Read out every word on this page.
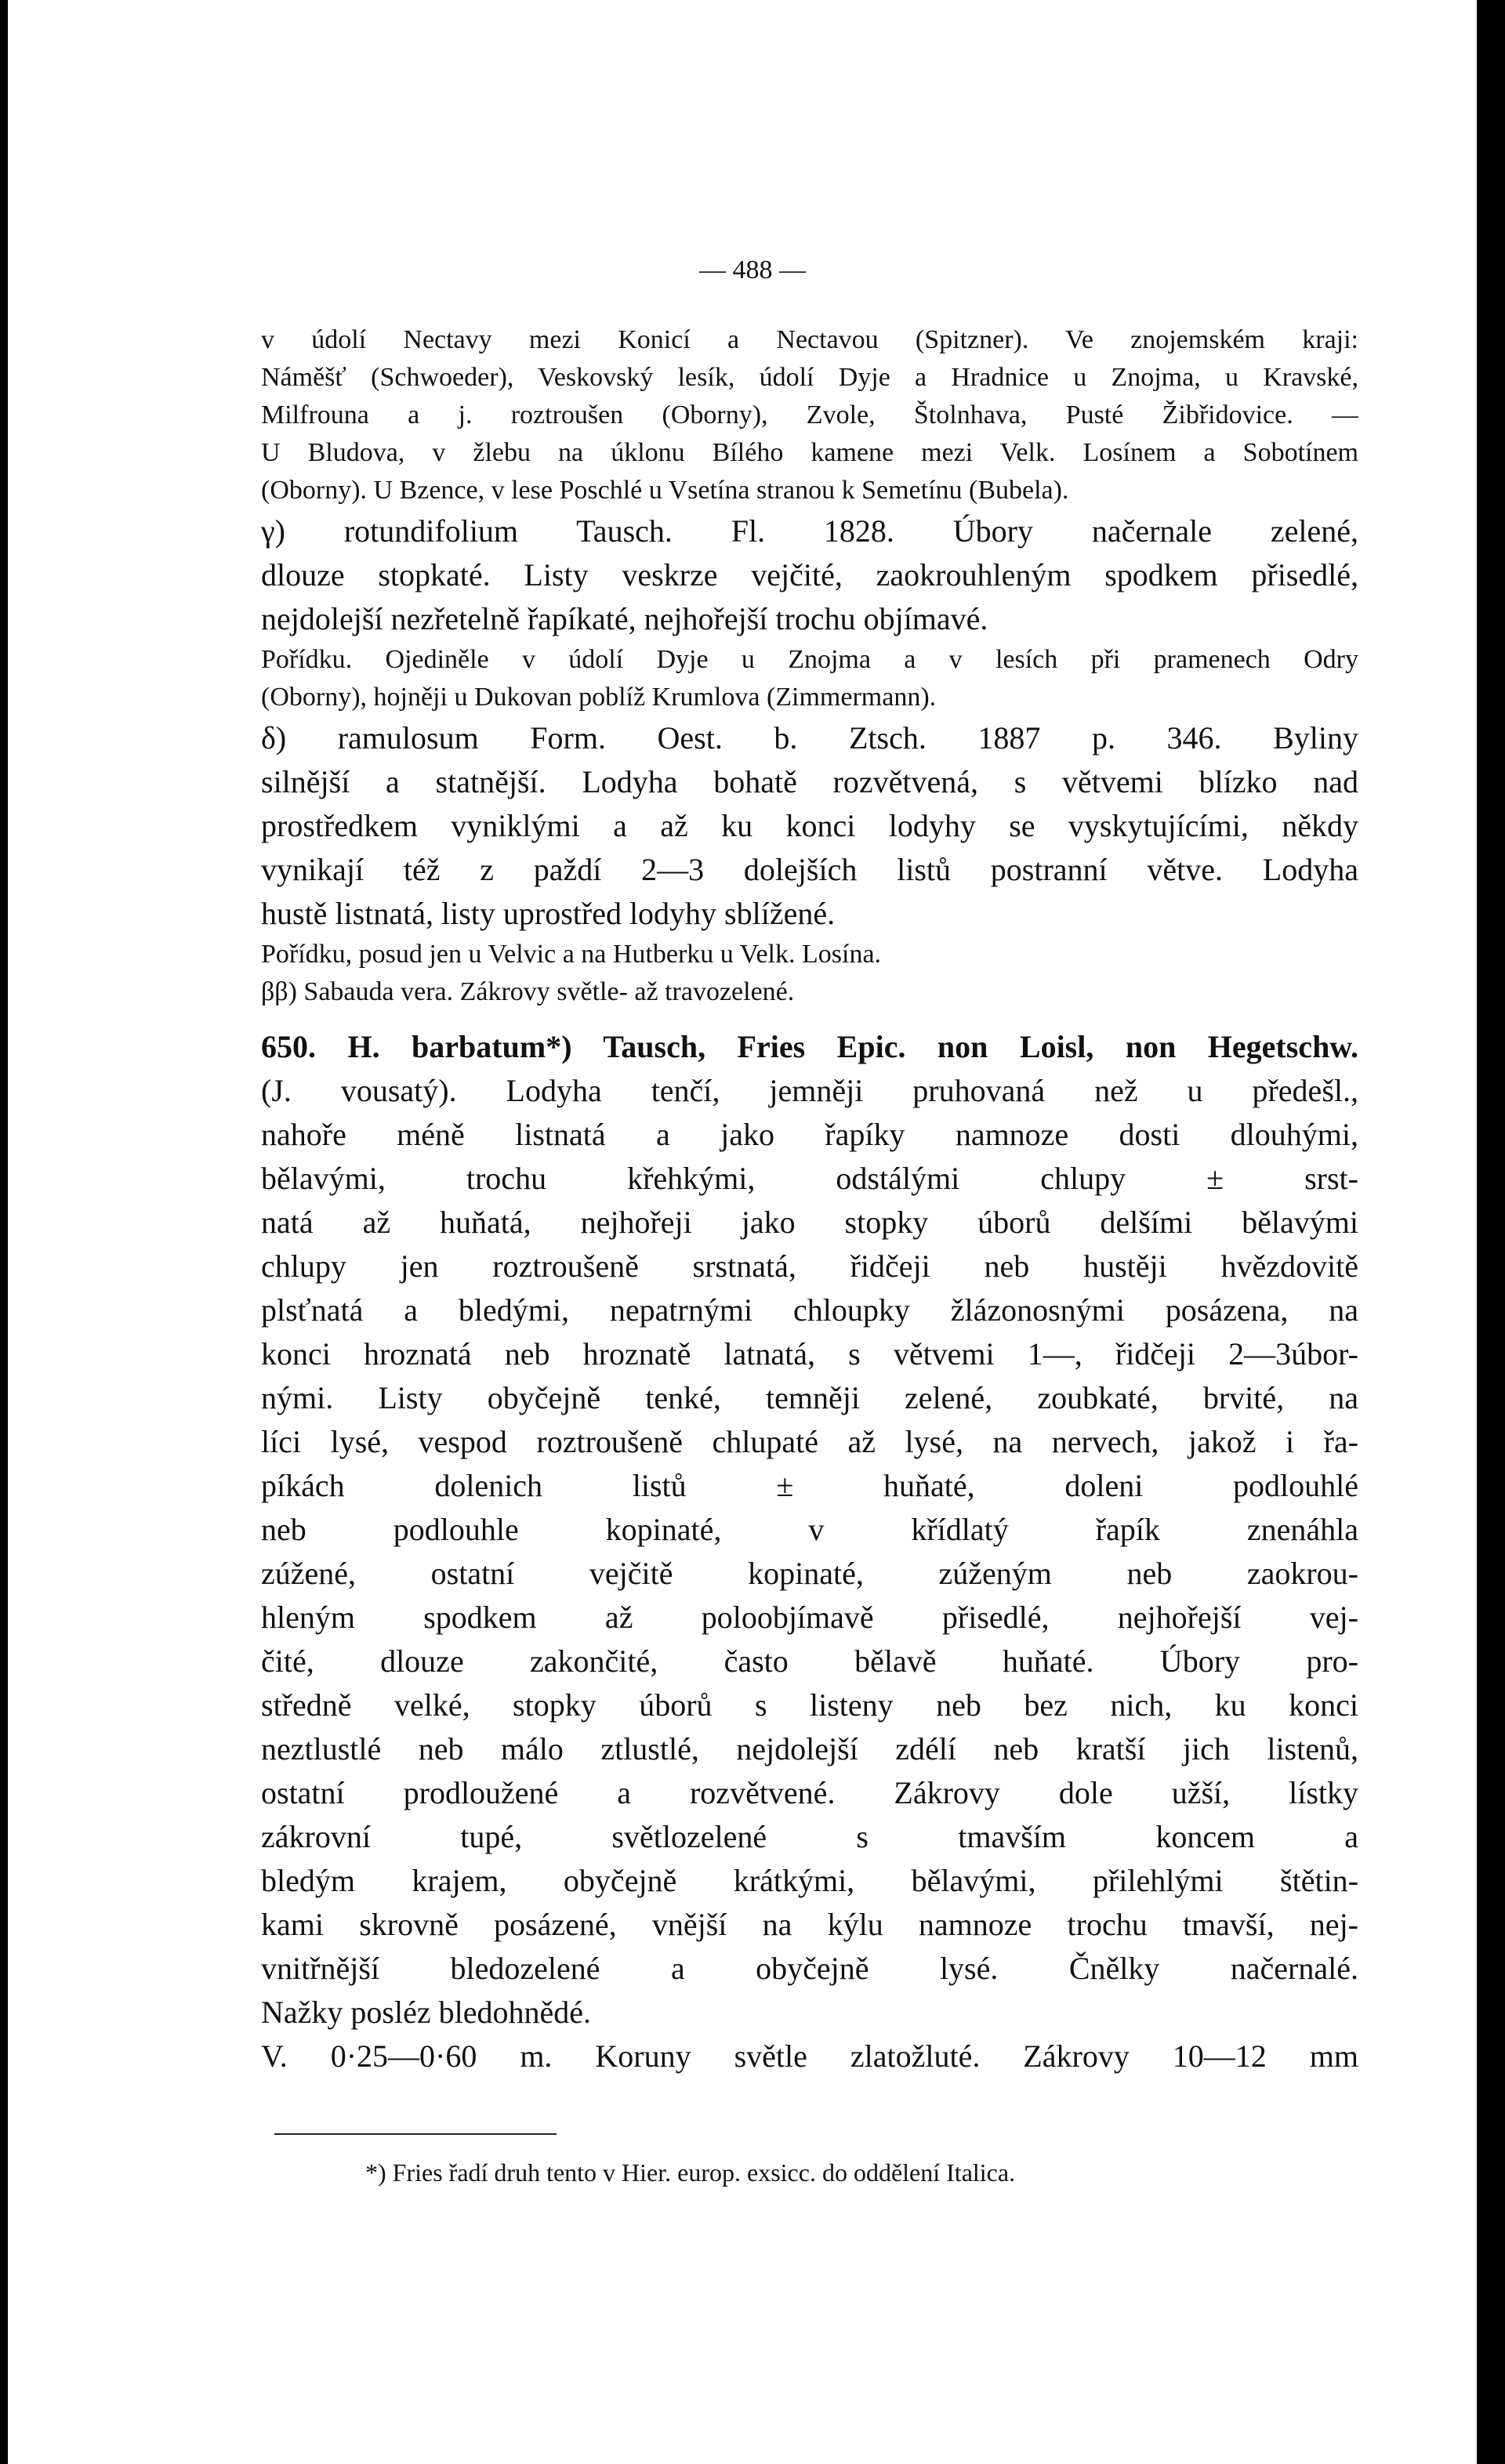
— 488 —
v údolí Nectavy mezi Konicí a Nectavou (Spitzner). Ve znojemském kraji:
Náměšť (Schwoeder), Veskovský lesík, údolí Dyje a Hradnice u Znojma, u Kravské,
Milfrouna a j. roztroušen (Oborny), Zvole, Štolnhava, Pusté Žibřidovice. —
U Bludova, v žlebu na úklonu Bílého kamene mezi Velk. Losínem a Sobotínem
(Oborny). U Bzence, v lese Poschlé u Vsetína stranou k Semetínu (Bubela).
γ) rotundifolium Tausch. Fl. 1828. Úbory načernale zelené,
dlouze stopkaté. Listy veskrze vejčité, zaokrouhleným spodkem přisedlé,
nejdolejší nezřetelně řapíkaté, nejhořejší trochu objímavé.
Pořídku. Ojediněle v údolí Dyje u Znojma a v lesích při pramenech Odry
(Oborny), hojněji u Dukovan poblíž Krumlova (Zimmermann).
δ) ramulosum Form. Oest. b. Ztsch. 1887 p. 346. Byliny
silnější a statnější. Lodyha bohatě rozvětvená, s větvemi blízko nad
prostředkem vyniklými a až ku konci lodyhy se vyskytujícími, někdy
vynikají též z paždí 2—3 dolejších listů postranní větve. Lodyha
hustě listnatá, listy uprostřed lodyhy sblížené.
Pořídku, posud jen u Velvic a na Hutberku u Velk. Losína.
ββ) Sabauda vera. Zákrovy světle- až travozelené.
650. H. barbatum*) Tausch, Fries Epic. non Loisl, non Hegetschw.
(J. vousatý). Lodyha tenčí, jemněji pruhovaná než u předešl.,
nahoře méně listnatá a jako řapíky namnoze dosti dlouhými,
bělavými, trochu křehkými, odstálými chlupy ± srst-
natá až huňatá, nejhořeji jako stopky úborů delšími bělavými
chlupy jen roztroušeně srstnatá, řidčeji neb hustěji hvězdovitě
plsťnatá a bledými, nepatrnými chloupky žlázonosnými posázena, na
konci hroznatá neb hroznatě latnatá, s větvemi 1—, řidčeji 2—3úbor-
nými. Listy obyčejně tenké, temněji zelené, zoubkaté, brvité, na
líci lysé, vespod roztroušeně chlupaté až lysé, na nervech, jakož i řa-
píkách dolenich listů ± huňaté, doleni podlouhlé
neb podlouhle kopinaté, v křídlatý řapík znenáhla
zúžené, ostatní vejčitě kopinaté, zúženým neb zaokrou-
hleným spodkem až poloobjímavě přisedlé, nejhořejší vej-
čité, dlouze zakončité, často bělavě huňaté. Úbory pro-
středně velké, stopky úborů s listeny neb bez nich, ku konci
neztlustlé neb málo ztlustlé, nejdolejší zdélí neb kratší jich listenů,
ostatní prodloužené a rozvětvené. Zákrovy dole užší, lístky
zákrovní tupé, světlozelené s tmavším koncem a
bledým krajem, obyčejně krátkými, bělavými, přilehlými štětin-
kami skrovně posázené, vnější na kýlu namnoze trochu tmavší, nej-
vnitřnější bledozelené a obyčejně lysé. Čnělky načernalé.
Nažky posléz bledohnědé.
V. 0·25—0·60 m. Koruny světle zlatožluté. Zákrovy 10—12 mm
*) Fries řadí druh tento v Hier. europ. exsicc. do oddělení Italica.
